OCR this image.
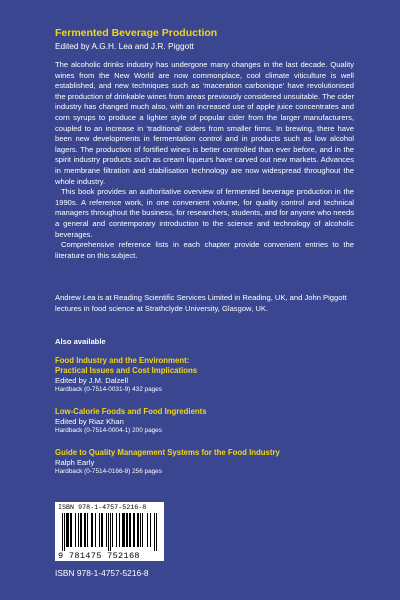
Fermented Beverage Production
Edited by A.G.H. Lea and J.R. Piggott

The alcoholic drinks industry has undergone many changes in the last decade. Quality wines from the New World are now commonplace, cool climate viticulture is well established, and new techniques such as ‘maceration carbonique’ have revolutionised the production of drinkable wines from areas previously considered unsuitable. The cider industry has changed much also, with an increased use of apple juice concentrates and corn syrups to produce a lighter style of popular cider from the larger manufacturers, coupled to an increase in ‘traditional’ ciders from smaller firms. In brewing, there have been new developments in fermentation control and in products such as low alcohol lagers. The production of fortified wines is better controlled than ever before, and in the spirit industry products such as cream liqueurs have carved out new markets. Advances in membrane filtration and stabilisation technology are now widespread throughout the whole industry.

This book provides an authoritative overview of fermented beverage production in the 1990s. A reference work, in one convenient volume, for quality control and technical managers throughout the business, for researchers, students, and for anyone who needs a general and contemporary introduction to the science and technology of alcoholic beverages.

Comprehensive reference lists in each chapter provide convenient entries to the literature on this subject.

Andrew Lea is at Reading Scientific Services Limited in Reading, UK, and John Piggott lectures in food science at Strathclyde University, Glasgow, UK.

Also available
Food Industry and the Environment:
Practical Issues and Cost Implications
Edited by J.M. Dalzell
Hardback (0-7514-0031-9) 432 pages
Low-Calorie Foods and Food Ingredients
Edited by Riaz Khan
Hardback (0-7514-0004-1) 200 pages
Guide to Quality Management Systems for the Food Industry
Ralph Early
Hardback (0-7514-0166-8) 256 pages
ISBN 978-1-4757-5216-8
9 781475 752168
ISBN 978-1-4757-5216-8
